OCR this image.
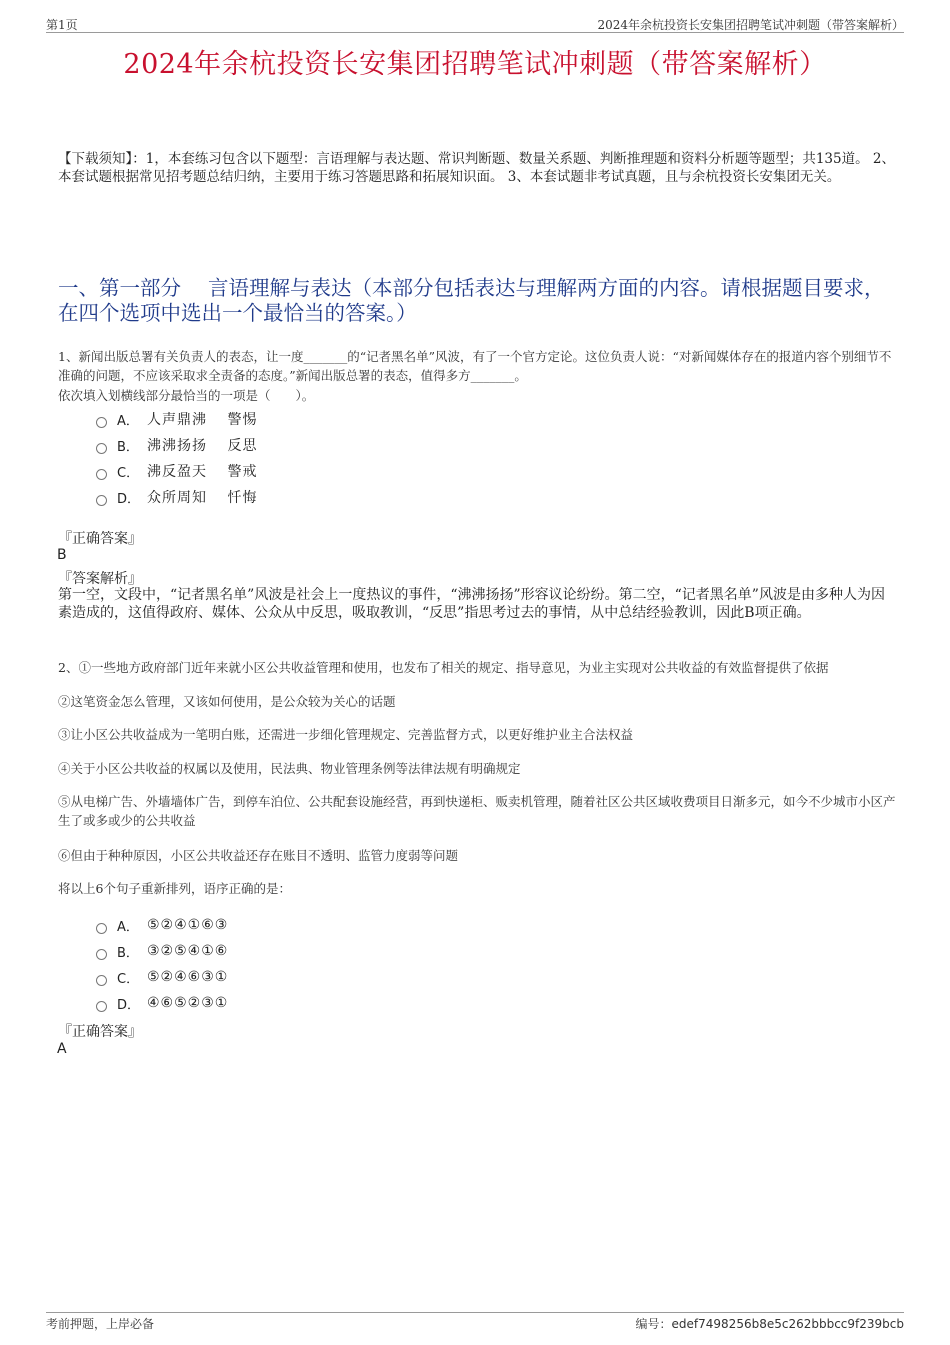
第1页	2024年余杭投资长安集团招聘笔试冲刺题（带答案解析）
2024年余杭投资长安集团招聘笔试冲刺题（带答案解析）
【下载须知】：1，本套练习包含以下题型：言语理解与表达题、常识判断题、数量关系题、判断推理题和资料分析题等题型；共135道。 2、本套试题根据常见招考题总结归纳，主要用于练习答题思路和拓展知识面。 3、本套试题非考试真题，且与余杭投资长安集团无关。
一、第一部分　 言语理解与表达（本部分包括表达与理解两方面的内容。请根据题目要求，在四个选项中选出一个最恰当的答案。）
1、新闻出版总署有关负责人的表态，让一度_______的“记者黑名单”风波，有了一个官方定论。这位负责人说：“对新闻媒体存在的报道内容个别细节不准确的问题，不应该采取求全责备的态度。”新闻出版总署的表态，值得多方_______。
依次填入划横线部分最恰当的一项是（　　）。
A． 人声鼎沸　 警惕
B． 沸沸扬扬　 反思
C． 沸反盈天　 警戒
D． 众所周知　 忏悔
『正确答案』
B
『答案解析』
第一空，文段中，“记者黑名单”风波是社会上一度热议的事件，“沸沸扬扬”形容议论纷纷。第二空，“记者黑名单”风波是由多种人为因素造成的，这值得政府、媒体、公众从中反思，吸取教训，“反思”指思考过去的事情，从中总结经验教训，因此B项正确。
2、①一些地方政府部门近年来就小区公共收益管理和使用，也发布了相关的规定、指导意见，为业主实现对公共收益的有效监督提供了依据
②这笔资金怎么管理，又该如何使用，是公众较为关心的话题
③让小区公共收益成为一笔明白账，还需进一步细化管理规定、完善监督方式，以更好维护业主合法权益
④关于小区公共收益的权属以及使用，民法典、物业管理条例等法律法规有明确规定
⑤从电梯广告、外墙墙体广告，到停车泊位、公共配套设施经营，再到快递柜、贩卖机管理，随着社区公共区域收费项目日渐多元，如今不少城市小区产生了或多或少的公共收益
⑥但由于种种原因，小区公共收益还存在账目不透明、监管力度弱等问题
将以上6个句子重新排列，语序正确的是：
A． ⑤②④①⑥③
B． ③②⑤④①⑥
C． ⑤②④⑥③①
D． ④⑥⑤②③①
『正确答案』
A
考前押题，上岸必备	编号：edef7498256b8e5c262bbbcc9f239bcb
